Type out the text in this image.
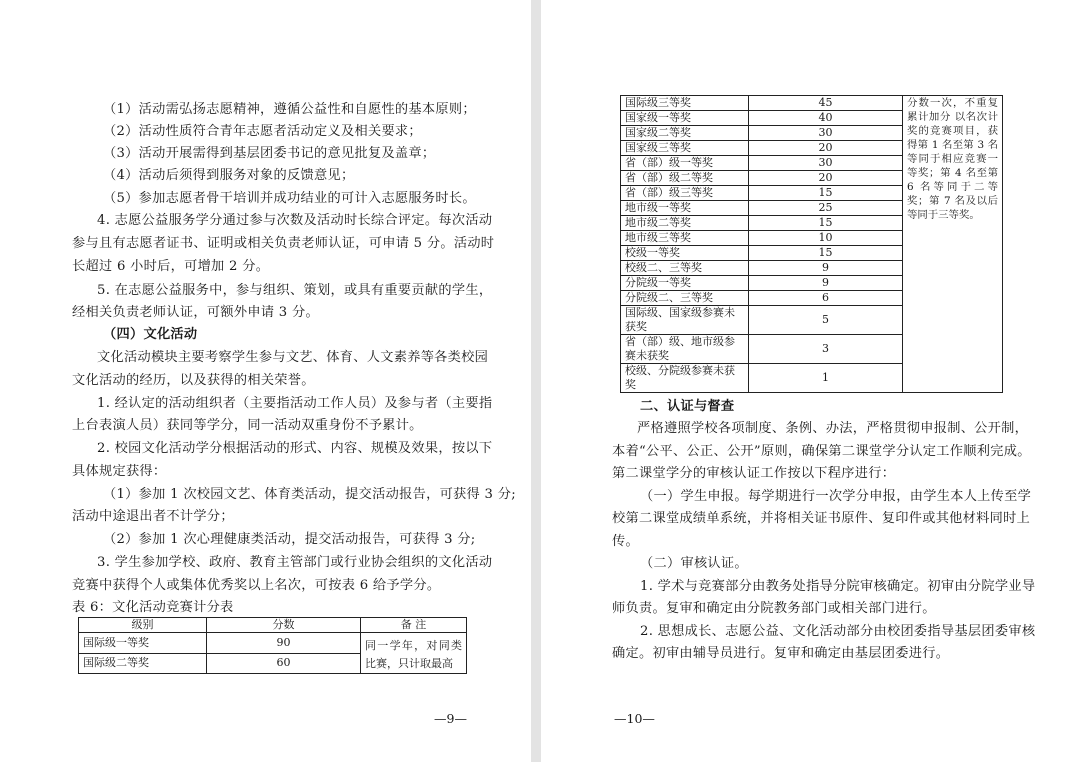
（1）活动需弘扬志愿精神，遵循公益性和自愿性的基本原则；

（2）活动性质符合青年志愿者活动定义及相关要求；

（3）活动开展需得到基层团委书记的意见批复及盖章；

（4）活动后须得到服务对象的反馈意见；

（5）参加志愿者骨干培训并成功结业的可计入志愿服务时长。

4. 志愿公益服务学分通过参与次数及活动时长综合评定。每次活动

参与且有志愿者证书、证明或相关负责老师认证，可申请 5 分。活动时

长超过 6 小时后，可增加 2 分。

5. 在志愿公益服务中，参与组织、策划，或具有重要贡献的学生，

经相关负责老师认证，可额外申请 3 分。

（四）文化活动

文化活动模块主要考察学生参与文艺、体育、人文素养等各类校园

文化活动的经历，以及获得的相关荣誉。

1. 经认定的活动组织者（主要指活动工作人员）及参与者（主要指

上台表演人员）获同等学分，同一活动双重身份不予累计。

2. 校园文化活动学分根据活动的形式、内容、规模及效果，按以下

具体规定获得：

（1）参加 1 次校园文艺、体育类活动，提交活动报告，可获得 3 分;

活动中途退出者不计学分；

（2）参加 1 次心理健康类活动，提交活动报告，可获得 3 分;

3. 学生参加学校、政府、教育主管部门或行业协会组织的文化活动

竞赛中获得个人或集体优秀奖以上名次，可按表 6 给予学分。

表 6：文化活动竞赛计分表

级别	分数	备 注
国际级一等奖	90	同一学年，对同类比赛，只计取最高
国际级二等奖	60	
—9—
国际级三等奖	45	分数一次，不重复累计加分 以名次计奖的竞赛项目，获得第 1 名至第 3 名等同于相应竞赛一等奖；第 4 名至第 6 名等同于二等奖；第 7 名及以后等同于三等奖。
国家级一等奖	40	
国家级二等奖	30	
国家级三等奖	20	
省（部）级一等奖	30	
省（部）级二等奖	20	
省（部）级三等奖	15	
地市级一等奖	25	
地市级二等奖	15	
地市级三等奖	10	
校级一等奖	15	
校级二、三等奖	9	
分院级一等奖	9	
分院级二、三等奖	6	
国际级、国家级参赛未获奖	5	
省（部）级、地市级参赛未获奖	3	
校级、分院级参赛未获奖	1	

二、认证与督查

严格遵照学校各项制度、条例、办法，严格贯彻申报制、公开制，

本着“公平、公正、公开”原则，确保第二课堂学分认定工作顺利完成。

第二课堂学分的审核认证工作按以下程序进行：

（一）学生申报。每学期进行一次学分申报，由学生本人上传至学

校第二课堂成绩单系统，并将相关证书原件、复印件或其他材料同时上

传。

（二）审核认证。

1. 学术与竞赛部分由教务处指导分院审核确定。初审由分院学业导

师负责。复审和确定由分院教务部门或相关部门进行。

2. 思想成长、志愿公益、文化活动部分由校团委指导基层团委审核

确定。初审由辅导员进行。复审和确定由基层团委进行。

—10—
